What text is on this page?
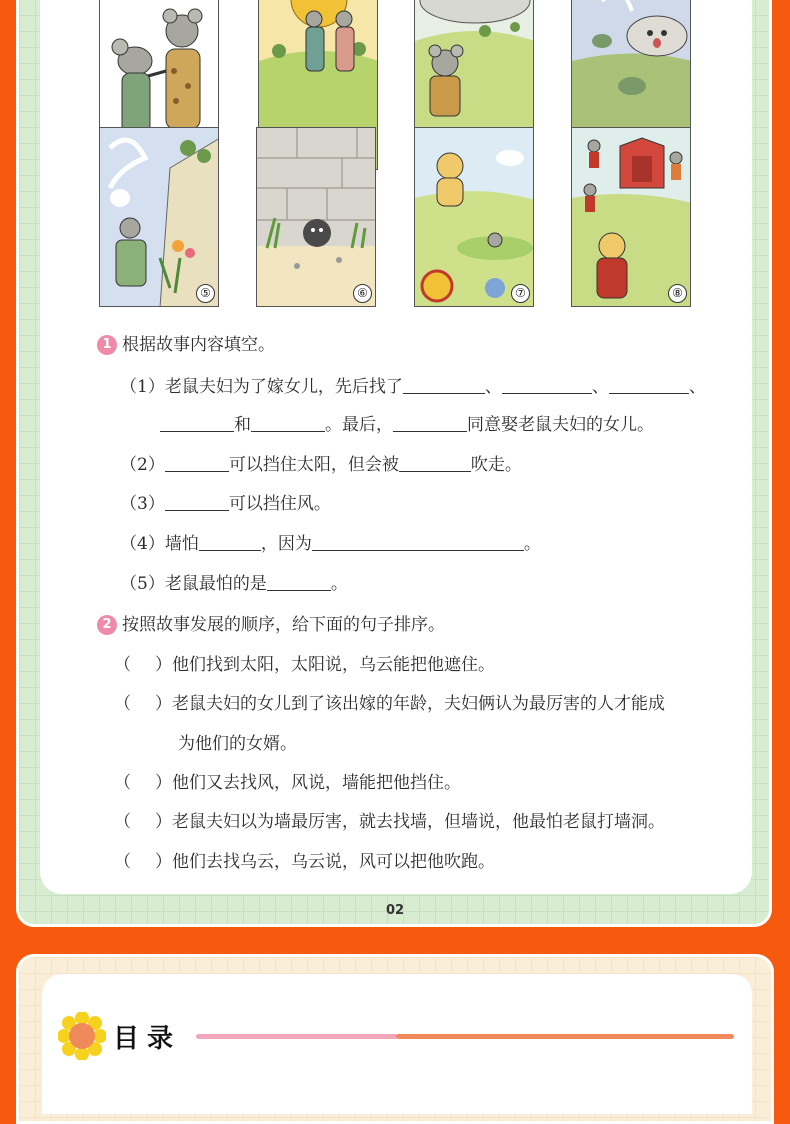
⑤	⑥	⑦	⑧
1 根据故事内容填空。
（1）老鼠夫妇为了嫁女儿，先后找了	、	、	、
和	。最后，	同意娶老鼠夫妇的女儿。
（2）	可以挡住太阳，但会被	吹走。
（3）	可以挡住风。
（4）墙怕	，因为	。
（5）老鼠最怕的是	。
2 按照故事发展的顺序，给下面的句子排序。
（ ）他们找到太阳，太阳说，乌云能把他遮住。
（ ）老鼠夫妇的女儿到了该出嫁的年龄，夫妇俩认为最厉害的人才能成
为他们的女婿。
（ ）他们又去找风，风说，墙能把他挡住。
（ ）老鼠夫妇以为墙最厉害，就去找墙，但墙说，他最怕老鼠打墙洞。
（ ）他们去找乌云，乌云说，风可以把他吹跑。
02
目录
